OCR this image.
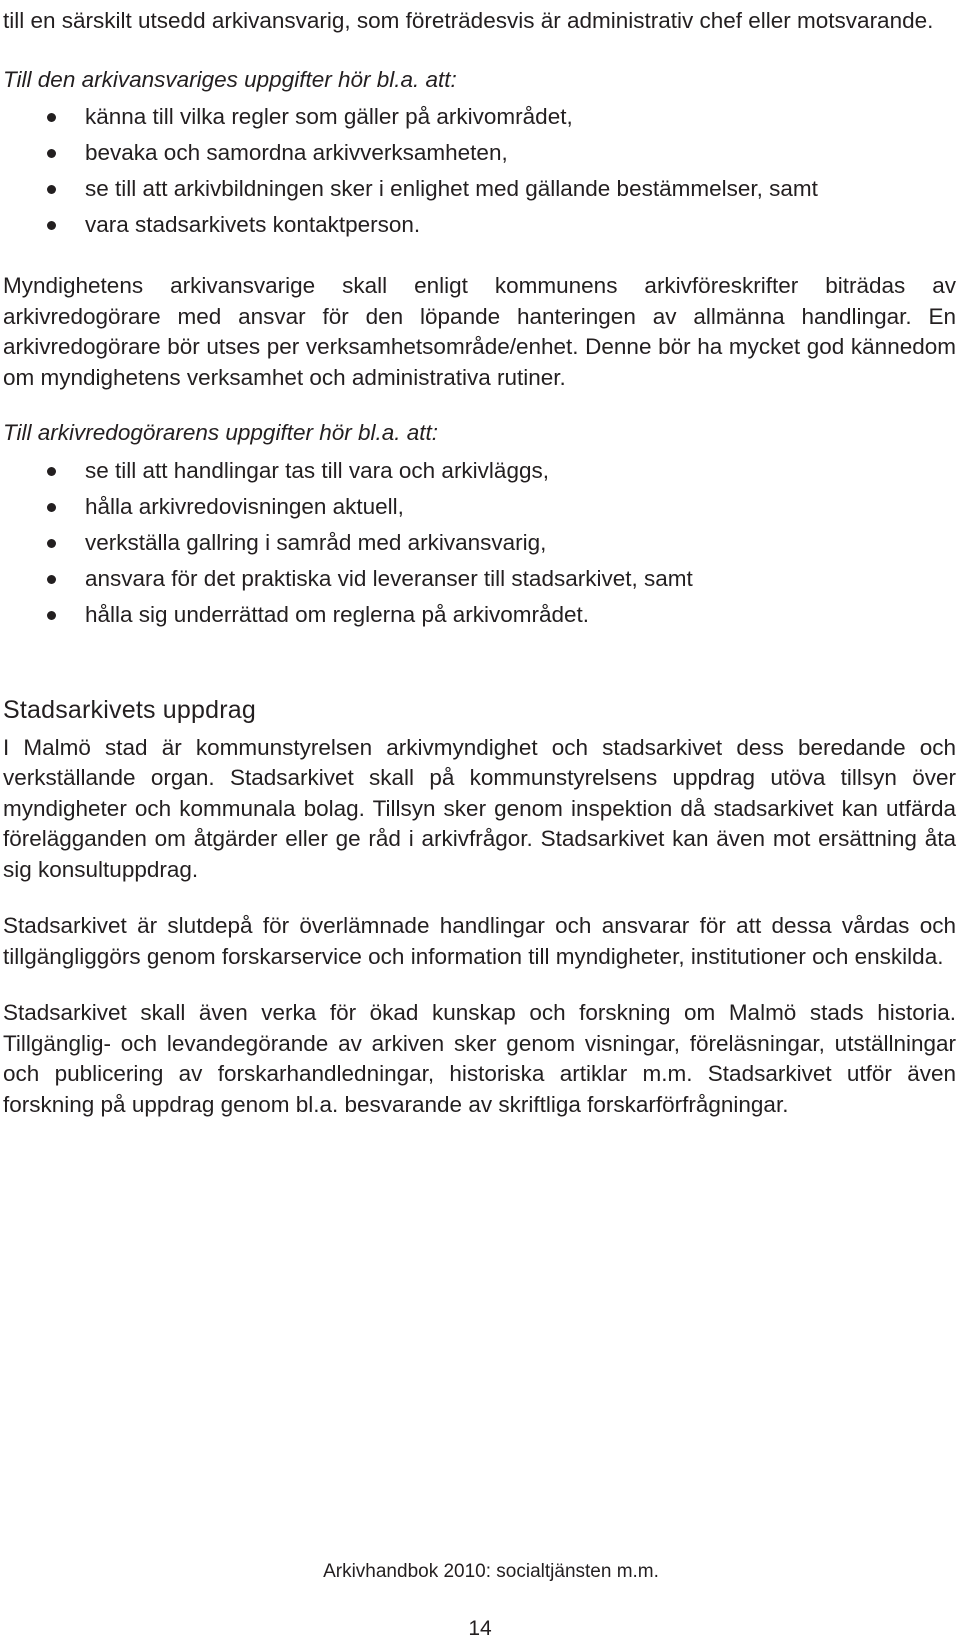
till en särskilt utsedd arkivansvarig, som företrädesvis är administrativ chef eller motsvarande.

Till den arkivansvariges uppgifter hör bl.a. att:

känna till vilka regler som gäller på arkivområdet,
bevaka och samordna arkivverksamheten,
se till att arkivbildningen sker i enlighet med gällande bestämmelser, samt
vara stadsarkivets kontaktperson.

Myndighetens arkivansvarige skall enligt kommunens arkivföreskrifter biträdas av arkivredogörare med ansvar för den löpande hanteringen av allmänna handlingar. En arkivredogörare bör utses per verksamhetsområde/enhet. Denne bör ha mycket god kännedom om myndighetens verksamhet och administrativa rutiner.

Till arkivredogörarens uppgifter hör bl.a. att:

se till att handlingar tas till vara och arkivläggs,
hålla arkivredovisningen aktuell,
verkställa gallring i samråd med arkivansvarig,
ansvara för det praktiska vid leveranser till stadsarkivet, samt
hålla sig underrättad om reglerna på arkivområdet.
Stadsarkivets uppdrag

I Malmö stad är kommunstyrelsen arkivmyndighet och stadsarkivet dess beredande och verkställande organ. Stadsarkivet skall på kommunstyrelsens uppdrag utöva tillsyn över myndigheter och kommunala bolag. Tillsyn sker genom inspektion då stadsarkivet kan utfärda förelägganden om åtgärder eller ge råd i arkivfrågor. Stadsarkivet kan även mot ersättning åta sig konsultuppdrag.

Stadsarkivet är slutdepå för överlämnade handlingar och ansvarar för att dessa vårdas och tillgängliggörs genom forskarservice och information till myndigheter, institutioner och enskilda.

Stadsarkivet skall även verka för ökad kunskap och forskning om Malmö stads historia. Tillgänglig- och levandegörande av arkiven sker genom visningar, föreläsningar, utställningar och publicering av forskarhandledningar, historiska artiklar m.m. Stadsarkivet utför även forskning på uppdrag genom bl.a. besvarande av skriftliga forskarförfrågningar.

Arkivhandbok 2010: socialtjänsten m.m.
14
